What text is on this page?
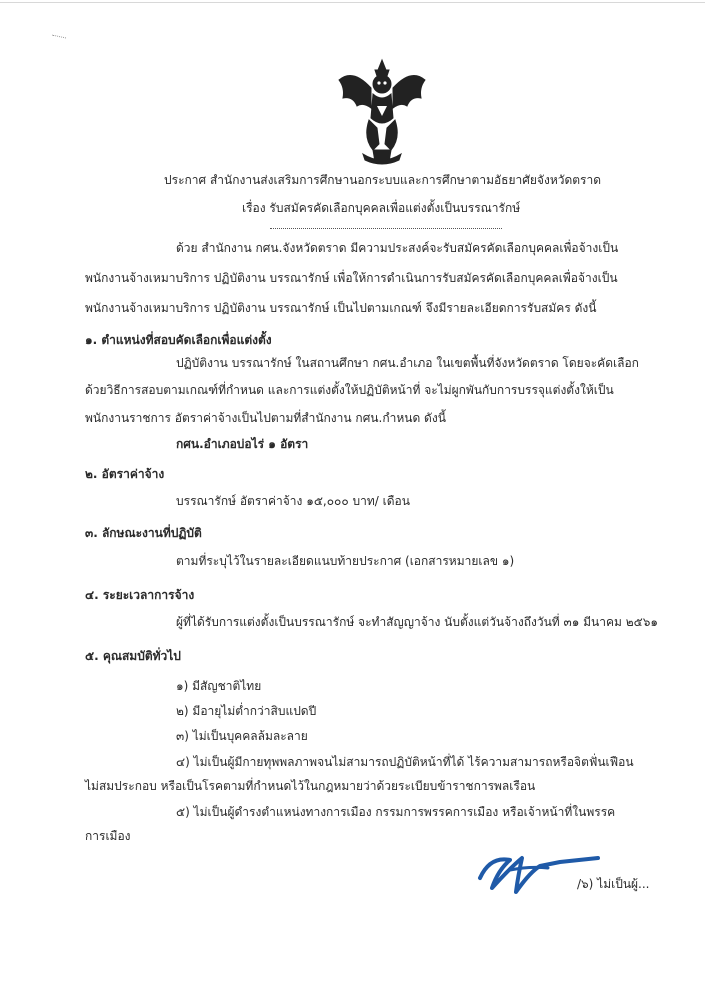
ประกาศ สำนักงานส่งเสริมการศึกษานอกระบบและการศึกษาตามอัธยาศัยจังหวัดตราด
เรื่อง รับสมัครคัดเลือกบุคคลเพื่อแต่งตั้งเป็นบรรณารักษ์
ด้วย สำนักงาน กศน.จังหวัดตราด มีความประสงค์จะรับสมัครคัดเลือกบุคคลเพื่อจ้างเป็น
พนักงานจ้างเหมาบริการ ปฏิบัติงาน บรรณารักษ์ เพื่อให้การดำเนินการรับสมัครคัดเลือกบุคคลเพื่อจ้างเป็น
พนักงานจ้างเหมาบริการ ปฏิบัติงาน บรรณารักษ์ เป็นไปตามเกณฑ์ จึงมีรายละเอียดการรับสมัคร ดังนี้
๑. ตำแหน่งที่สอบคัดเลือกเพื่อแต่งตั้ง
ปฏิบัติงาน บรรณารักษ์ ในสถานศึกษา กศน.อำเภอ ในเขตพื้นที่จังหวัดตราด โดยจะคัดเลือก
ด้วยวิธีการสอบตามเกณฑ์ที่กำหนด และการแต่งตั้งให้ปฏิบัติหน้าที่ จะไม่ผูกพันกับการบรรจุแต่งตั้งให้เป็น
พนักงานราชการ อัตราค่าจ้างเป็นไปตามที่สำนักงาน กศน.กำหนด ดังนี้
กศน.อำเภอบ่อไร่ ๑ อัตรา
๒. อัตราค่าจ้าง
บรรณารักษ์ อัตราค่าจ้าง ๑๕,๐๐๐ บาท/ เดือน
๓. ลักษณะงานที่ปฏิบัติ
ตามที่ระบุไว้ในรายละเอียดแนบท้ายประกาศ (เอกสารหมายเลข ๑)
๔. ระยะเวลาการจ้าง
ผู้ที่ได้รับการแต่งตั้งเป็นบรรณารักษ์ จะทำสัญญาจ้าง นับตั้งแต่วันจ้างถึงวันที่ ๓๑ มีนาคม ๒๕๖๑
๕. คุณสมบัติทั่วไป
๑) มีสัญชาติไทย
๒) มีอายุไม่ต่ำกว่าสิบแปดปี
๓) ไม่เป็นบุคคลล้มละลาย
๔) ไม่เป็นผู้มีกายทุพพลภาพจนไม่สามารถปฏิบัติหน้าที่ได้ ไร้ความสามารถหรือจิตฟั่นเฟือน
ไม่สมประกอบ หรือเป็นโรคตามที่กำหนดไว้ในกฎหมายว่าด้วยระเบียบข้าราชการพลเรือน
๕) ไม่เป็นผู้ดำรงตำแหน่งทางการเมือง กรรมการพรรคการเมือง หรือเจ้าหน้าที่ในพรรค
การเมือง
/๖) ไม่เป็นผู้...
